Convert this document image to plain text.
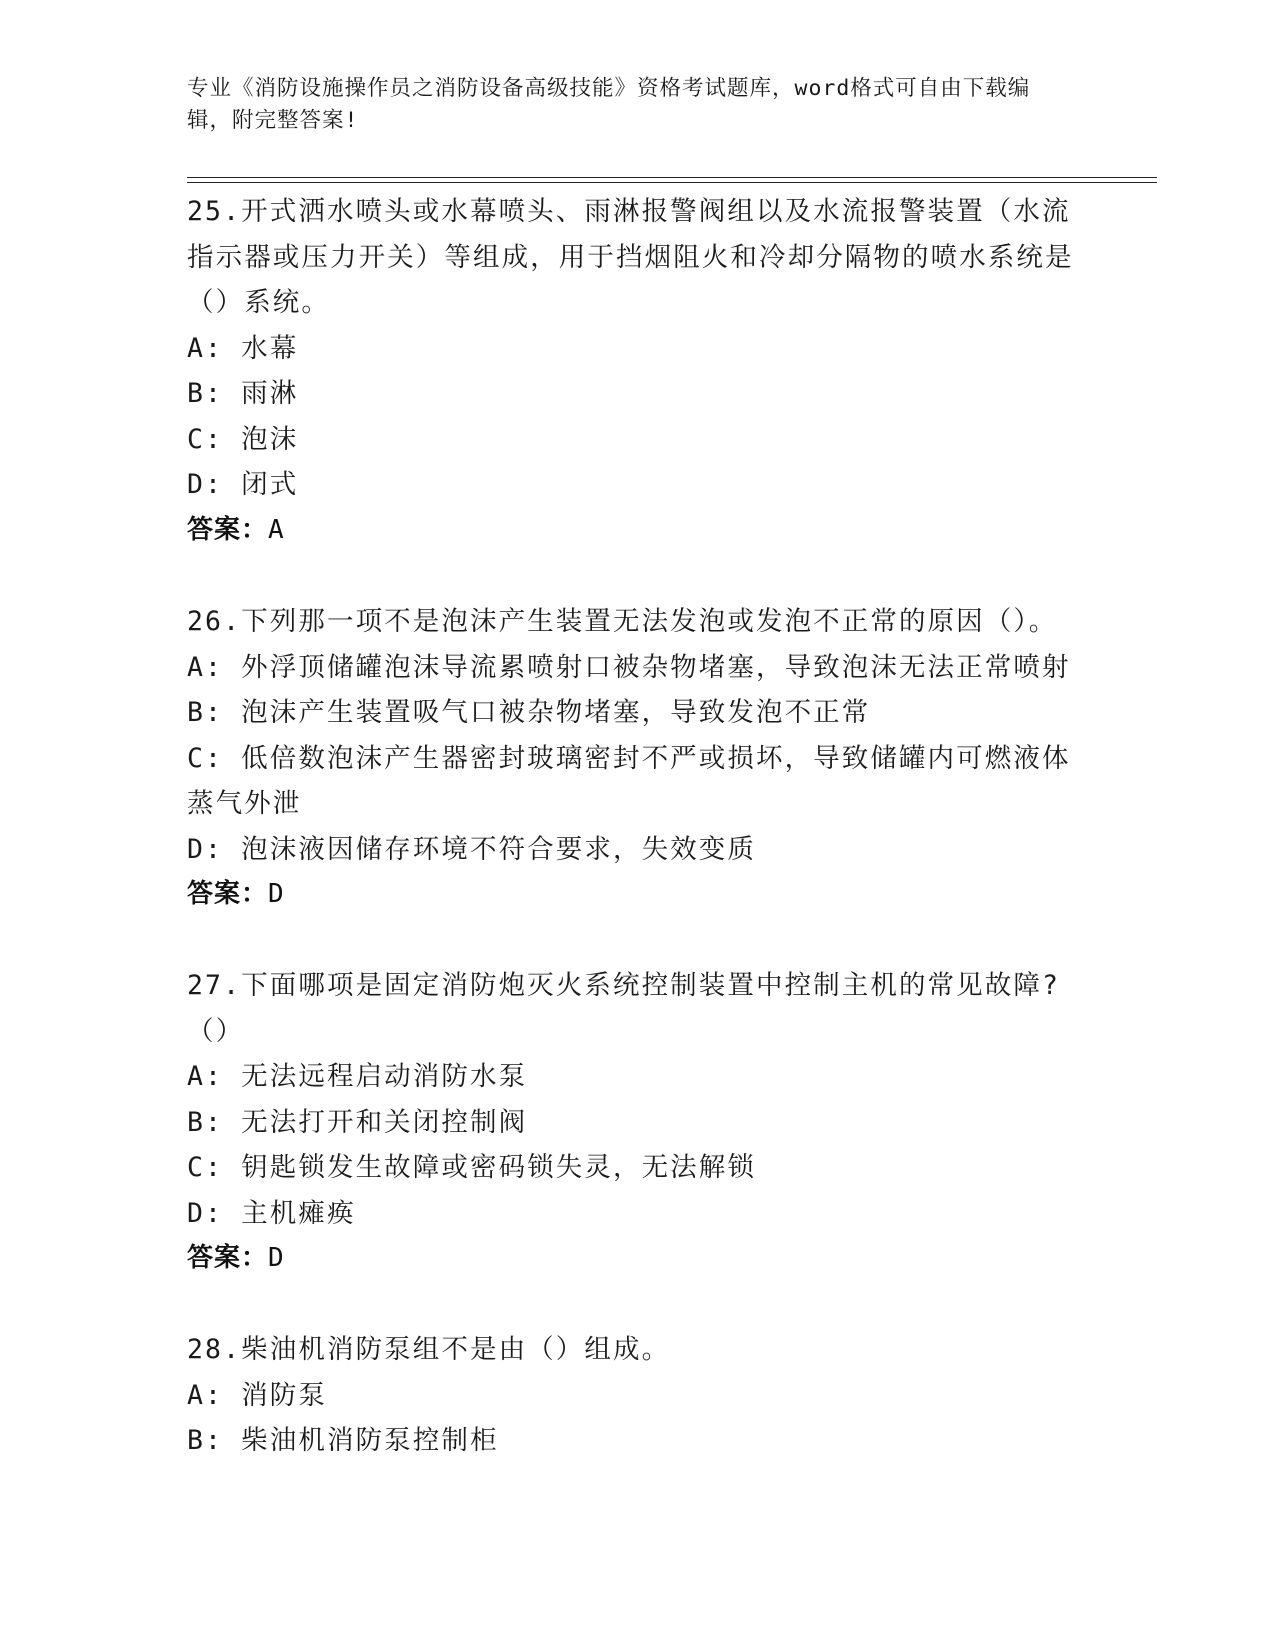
专业《消防设施操作员之消防设备高级技能》资格考试题库，word格式可自由下载编辑，附完整答案!

25.开式洒水喷头或水幕喷头、雨淋报警阀组以及水流报警装置（水流指示器或压力开关）等组成，用于挡烟阻火和冷却分隔物的喷水系统是（）系统。

A: 水幕
B: 雨淋
C: 泡沫
D: 闭式

答案：A

26.下列那一项不是泡沫产生装置无法发泡或发泡不正常的原因（）。

A: 外浮顶储罐泡沫导流累喷射口被杂物堵塞，导致泡沫无法正常喷射
B: 泡沫产生装置吸气口被杂物堵塞，导致发泡不正常
C: 低倍数泡沫产生器密封玻璃密封不严或损坏，导致储罐内可燃液体蒸气外泄
D: 泡沫液因储存环境不符合要求，失效变质

答案：D

27.下面哪项是固定消防炮灭火系统控制装置中控制主机的常见故障?（）

A: 无法远程启动消防水泵
B: 无法打开和关闭控制阀
C: 钥匙锁发生故障或密码锁失灵，无法解锁
D: 主机瘫痪

答案：D

28.柴油机消防泵组不是由（）组成。

A: 消防泵
B: 柴油机消防泵控制柜
